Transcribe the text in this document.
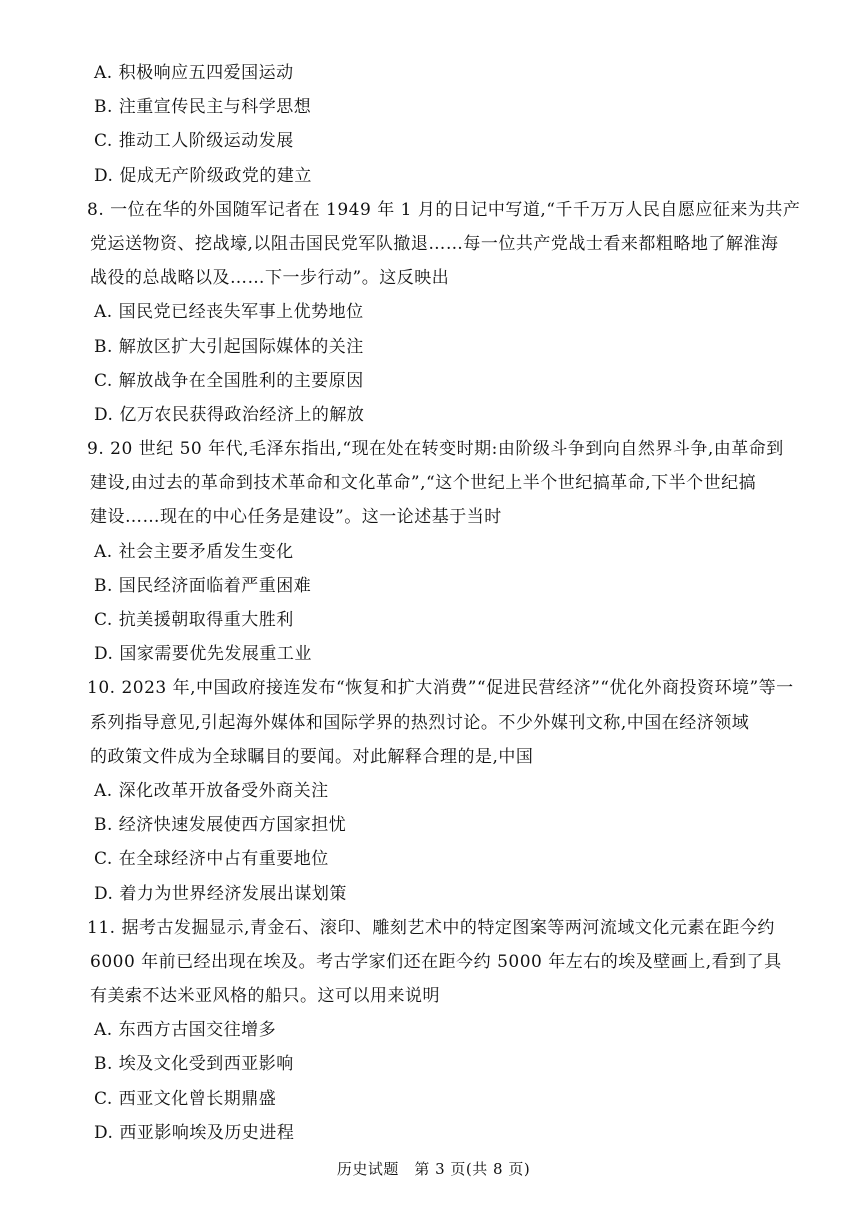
A. 积极响应五四爱国运动
B. 注重宣传民主与科学思想
C. 推动工人阶级运动发展
D. 促成无产阶级政党的建立
8. 一位在华的外国随军记者在 1949 年 1 月的日记中写道,“千千万万人民自愿应征来为共产
党运送物资、挖战壕,以阻击国民党军队撤退……每一位共产党战士看来都粗略地了解淮海
战役的总战略以及……下一步行动”。这反映出
A. 国民党已经丧失军事上优势地位
B. 解放区扩大引起国际媒体的关注
C. 解放战争在全国胜利的主要原因
D. 亿万农民获得政治经济上的解放
9. 20 世纪 50 年代,毛泽东指出,“现在处在转变时期:由阶级斗争到向自然界斗争,由革命到
建设,由过去的革命到技术革命和文化革命”,“这个世纪上半个世纪搞革命,下半个世纪搞
建设……现在的中心任务是建设”。这一论述基于当时
A. 社会主要矛盾发生变化
B. 国民经济面临着严重困难
C. 抗美援朝取得重大胜利
D. 国家需要优先发展重工业
10. 2023 年,中国政府接连发布“恢复和扩大消费”“促进民营经济”“优化外商投资环境”等一
系列指导意见,引起海外媒体和国际学界的热烈讨论。不少外媒刊文称,中国在经济领域
的政策文件成为全球瞩目的要闻。对此解释合理的是,中国
A. 深化改革开放备受外商关注
B. 经济快速发展使西方国家担忧
C. 在全球经济中占有重要地位
D. 着力为世界经济发展出谋划策
11. 据考古发掘显示,青金石、滚印、雕刻艺术中的特定图案等两河流域文化元素在距今约
6000 年前已经出现在埃及。考古学家们还在距今约 5000 年左右的埃及壁画上,看到了具
有美索不达米亚风格的船只。这可以用来说明
A. 东西方古国交往增多
B. 埃及文化受到西亚影响
C. 西亚文化曾长期鼎盛
D. 西亚影响埃及历史进程
历史试题　第 3 页(共 8 页)
